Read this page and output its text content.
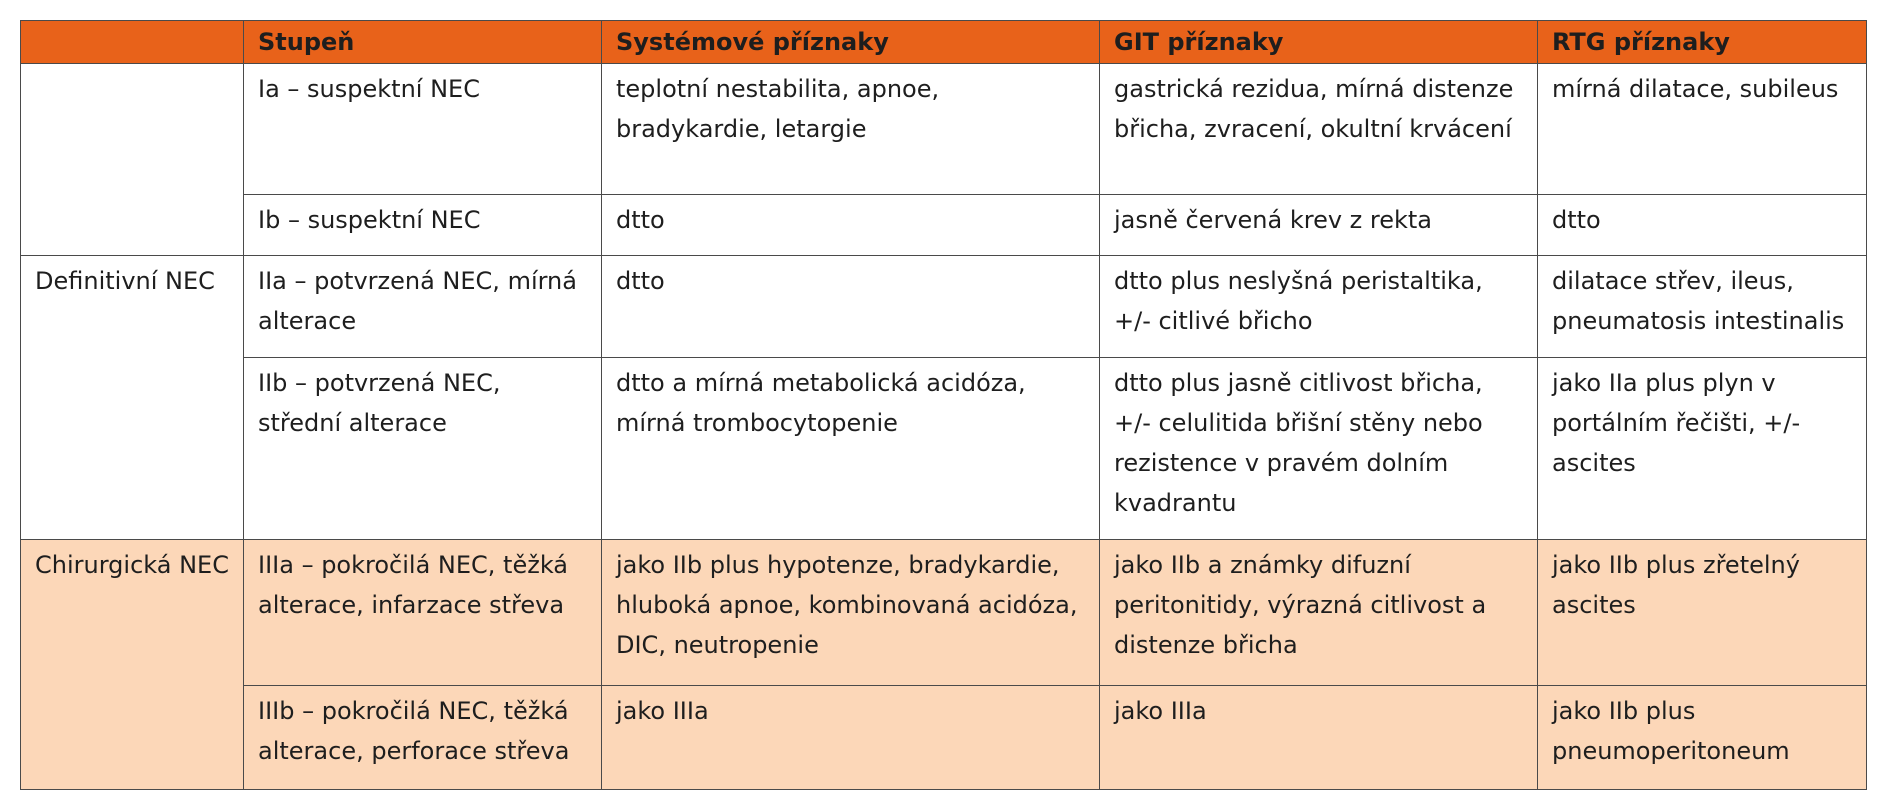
	Stupeň	Systémové příznaky	GIT příznaky	RTG příznaky
	Ia – suspektní NEC	teplotní nestabilita, apnoe, bradykardie, letargie	gastrická rezidua, mírná distenze břicha, zvracení, okultní krvácení	mírná dilatace, subileus
	Ib – suspektní NEC	dtto	jasně červená krev z rekta	dtto
Definitivní NEC	IIa – potvrzená NEC, mírná alterace	dtto	dtto plus neslyšná peristaltika, +/- citlivé břicho	dilatace střev, ileus, pneumatosis intestinalis
	IIb – potvrzená NEC, střední alterace	dtto a mírná metabolická acidóza, mírná trombocytopenie	dtto plus jasně citlivost břicha, +/- celulitida břišní stěny nebo rezistence v pravém dolním kvadrantu	jako IIa plus plyn v portálním řečišti, +/- ascites
Chirurgická NEC	IIIa – pokročilá NEC, těžká alterace, infarzace střeva	jako IIb plus hypotenze, bradykardie, hluboká apnoe, kombinovaná acidóza, DIC, neutropenie	jako IIb a známky difuzní peritonitidy, výrazná citlivost a distenze břicha	jako IIb plus zřetelný ascites
	IIIb – pokročilá NEC, těžká alterace, perforace střeva	jako IIIa	jako IIIa	jako IIb plus pneumoperitoneum
